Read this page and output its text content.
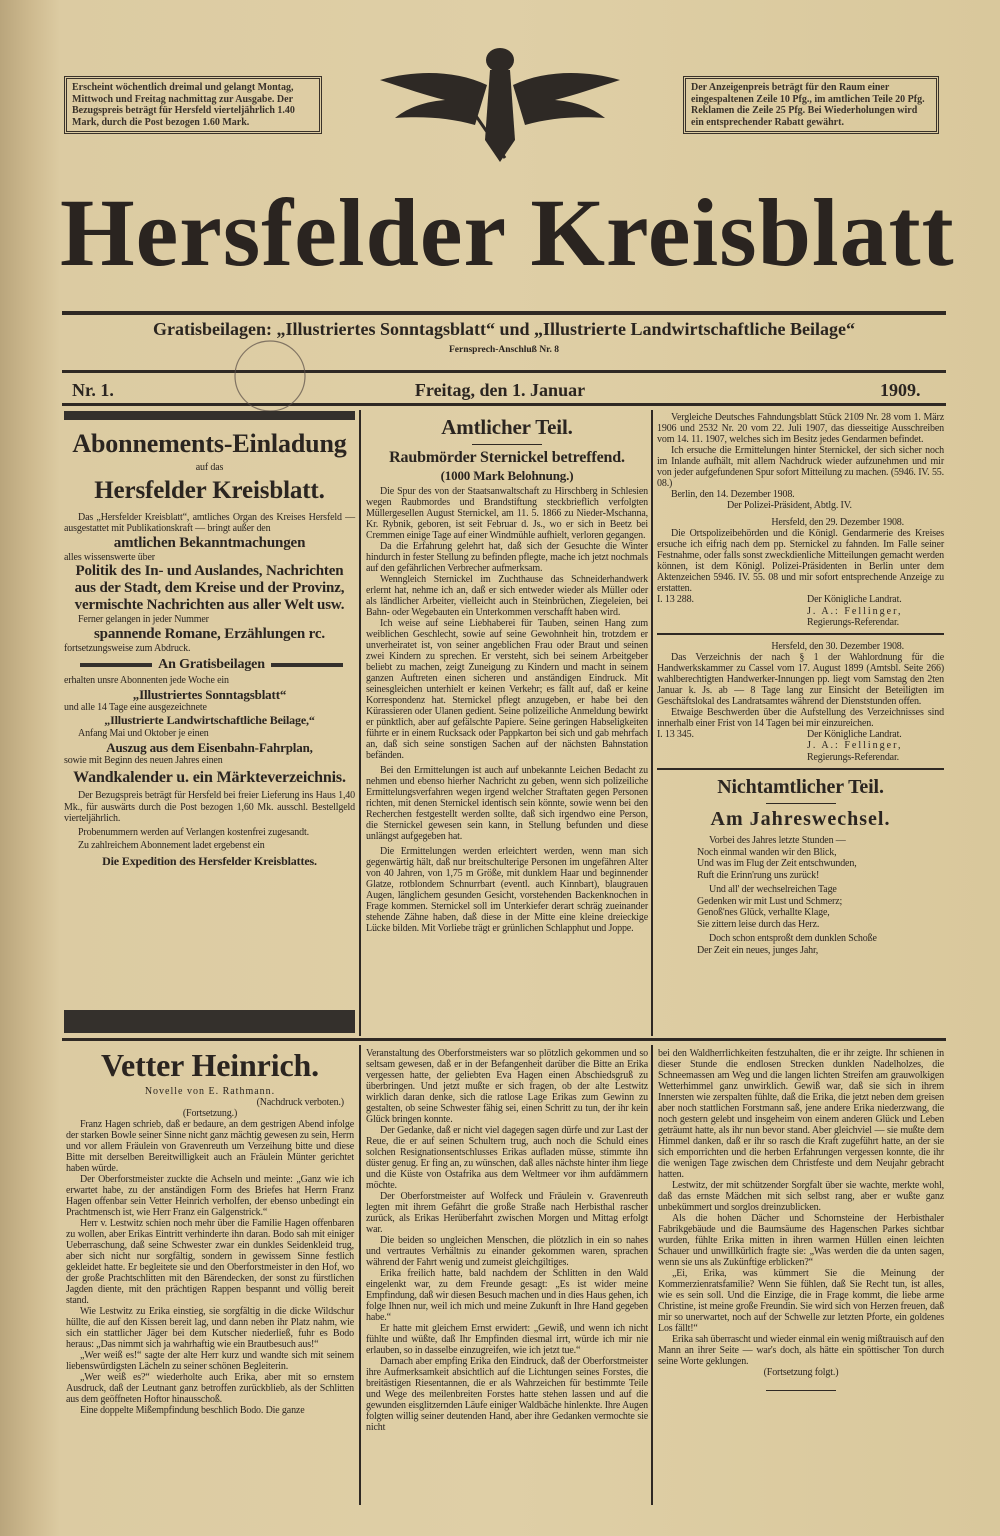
Erscheint wöchentlich dreimal und gelangt Montag, Mittwoch und Freitag nachmittag zur Ausgabe. Der Bezugspreis beträgt für Hersfeld vierteljährlich 1.40 Mark, durch die Post bezogen 1.60 Mark.
Der Anzeigenpreis beträgt für den Raum einer eingespaltenen Zeile 10 Pfg., im amtlichen Teile 20 Pfg. Reklamen die Zeile 25 Pfg. Bei Wiederholungen wird ein entsprechender Rabatt gewährt.
Hersfelder Kreisblatt
Gratisbeilagen: „Illustriertes Sonntagsblatt“ und „Illustrierte Landwirtschaftliche Beilage“
Fernsprech-Anschluß Nr. 8
Nr. 1.	Freitag, den 1. Januar	1909.
Abonnements-Einladung
auf das
Hersfelder Kreisblatt.

Das „Hersfelder Kreisblatt“, amtliches Organ des Kreises Hersfeld — ausgestattet mit Publikationskraft — bringt außer den

amtlichen Bekanntmachungen
alles wissenswerte über
Politik des In- und Auslandes, Nachrichten aus der Stadt, dem Kreise und der Provinz, vermischte Nachrichten aus aller Welt usw.

Ferner gelangen in jeder Nummer

spannende Romane, Erzählungen rc.
fortsetzungsweise zum Abdruck.
An Gratisbeilagen
erhalten unsre Abonnenten jede Woche ein
„Illustriertes Sonntagsblatt“
und alle 14 Tage eine ausgezeichnete
„Illustrierte Landwirtschaftliche Beilage,“

Anfang Mai und Oktober je einen

Auszug aus dem Eisenbahn-Fahrplan,
sowie mit Beginn des neuen Jahres einen
Wandkalender u. ein Märkteverzeichnis.

Der Bezugspreis beträgt für Hersfeld bei freier Lieferung ins Haus 1,40 Mk., für auswärts durch die Post bezogen 1,60 Mk. ausschl. Bestellgeld vierteljährlich.

Probenummern werden auf Verlangen kostenfrei zugesandt.

Zu zahlreichem Abonnement ladet ergebenst ein

Die Expedition des Hersfelder Kreisblattes.
Amtlicher Teil.
Raubmörder Sternickel betreffend.
(1000 Mark Belohnung.)

Die Spur des von der Staatsanwaltschaft zu Hirschberg in Schlesien wegen Raubmordes und Brandstiftung steckbrieflich verfolgten Müllergesellen August Sternickel, am 11. 5. 1866 zu Nieder-Mschanna, Kr. Rybnik, geboren, ist seit Februar d. Js., wo er sich in Beetz bei Cremmen einige Tage auf einer Windmühle aufhielt, verloren gegangen.

Da die Erfahrung gelehrt hat, daß sich der Gesuchte die Winter hindurch in fester Stellung zu befinden pflegte, mache ich jetzt nochmals auf den gefährlichen Verbrecher aufmerksam.

Wenngleich Sternickel im Zuchthause das Schneiderhandwerk erlernt hat, nehme ich an, daß er sich entweder wieder als Müller oder als ländlicher Arbeiter, vielleicht auch in Steinbrüchen, Ziegeleien, bei Bahn- oder Wegebauten ein Unterkommen verschafft haben wird.

Ich weise auf seine Liebhaberei für Tauben, seinen Hang zum weiblichen Geschlecht, sowie auf seine Gewohnheit hin, trotzdem er unverheiratet ist, von seiner angeblichen Frau oder Braut und seinen zwei Kindern zu sprechen. Er versteht, sich bei seinem Arbeitgeber beliebt zu machen, zeigt Zuneigung zu Kindern und macht in seinem ganzen Auftreten einen sicheren und anständigen Eindruck. Mit seinesgleichen unterhielt er keinen Verkehr; es fällt auf, daß er keine Korrespondenz hat. Sternickel pflegt anzugeben, er habe bei den Kürassieren oder Ulanen gedient. Seine polizeiliche Anmeldung bewirkt er pünktlich, aber auf gefälschte Papiere. Seine geringen Habseligkeiten führte er in einem Rucksack oder Pappkarton bei sich und gab mehrfach an, daß sich seine sonstigen Sachen auf der nächsten Bahnstation befänden.

Bei den Ermittelungen ist auch auf unbekannte Leichen Bedacht zu nehmen und ebenso hierher Nachricht zu geben, wenn sich polizeiliche Ermittelungsverfahren wegen irgend welcher Straftaten gegen Personen richten, mit denen Sternickel identisch sein könnte, sowie wenn bei den Recherchen festgestellt werden sollte, daß sich irgendwo eine Person, die Sternickel gewesen sein kann, in Stellung befunden und diese unlängst aufgegeben hat.

Die Ermittelungen werden erleichtert werden, wenn man sich gegenwärtig hält, daß nur breitschulterige Personen im ungefähren Alter von 40 Jahren, von 1,75 m Größe, mit dunklem Haar und beginnender Glatze, rotblondem Schnurrbart (eventl. auch Kinnbart), blaugrauen Augen, länglichem gesunden Gesicht, vorstehenden Backenknochen in Frage kommen. Sternickel soll im Unterkiefer derart schräg zueinander stehende Zähne haben, daß diese in der Mitte eine kleine dreieckige Lücke bilden. Mit Vorliebe trägt er grünlichen Schlapphut und Joppe.

Vergleiche Deutsches Fahndungsblatt Stück 2109 Nr. 28 vom 1. März 1906 und 2532 Nr. 20 vom 22. Juli 1907, das diesseitige Ausschreiben vom 14. 11. 1907, welches sich im Besitz jedes Gendarmen befindet.

Ich ersuche die Ermittelungen hinter Sternickel, der sich sicher noch im Inlande aufhält, mit allem Nachdruck wieder aufzunehmen und mir von jeder aufgefundenen Spur sofort Mitteilung zu machen. (5946. IV. 55. 08.)

Berlin, den 14. Dezember 1908.

Der Polizei-Präsident, Abtlg. IV.
Hersfeld, den 29. Dezember 1908.

Die Ortspolizeibehörden und die Königl. Gendarmerie des Kreises ersuche ich eifrig nach dem pp. Sternickel zu fahnden. Im Falle seiner Festnahme, oder falls sonst zweckdienliche Mitteilungen gemacht werden können, ist dem Königl. Polizei-Präsidenten in Berlin unter dem Aktenzeichen 5946. IV. 55. 08 und mir sofort entsprechende Anzeige zu erstatten.

I. 13 288.	Der Königliche Landrat.
J. A.: Fellinger,
Regierungs-Referendar.
Hersfeld, den 30. Dezember 1908.

Das Verzeichnis der nach § 1 der Wahlordnung für die Handwerkskammer zu Cassel vom 17. August 1899 (Amtsbl. Seite 266) wahlberechtigten Handwerker-Innungen pp. liegt vom Samstag den 2ten Januar k. Js. ab — 8 Tage lang zur Einsicht der Beteiligten im Geschäftslokal des Landratsamtes während der Dienststunden offen.

Etwaige Beschwerden über die Aufstellung des Verzeichnisses sind innerhalb einer Frist von 14 Tagen bei mir einzureichen.

I. 13 345.	Der Königliche Landrat.
J. A.: Fellinger,
Regierungs-Referendar.
Nichtamtlicher Teil.
Am Jahreswechsel.
Vorbei des Jahres letzte Stunden —
Noch einmal wanden wir den Blick,
Und was im Flug der Zeit entschwunden,
Ruft die Erinn'rung uns zurück!
Und all' der wechselreichen Tage
Gedenken wir mit Lust und Schmerz;
Genoß'nes Glück, verhallte Klage,
Sie zittern leise durch das Herz.
Doch schon entsproßt dem dunklen Schoße
Der Zeit ein neues, junges Jahr,
Vetter Heinrich.
Novelle von E. Rathmann.
(Nachdruck verboten.)
(Fortsetzung.)

Franz Hagen schrieb, daß er bedaure, an dem gestrigen Abend infolge der starken Bowle seiner Sinne nicht ganz mächtig gewesen zu sein, Herrn und vor allem Fräulein von Gravenreuth um Verzeihung bitte und diese Bitte mit derselben Bereitwilligkeit auch an Fräulein Münter gerichtet haben würde.

Der Oberforstmeister zuckte die Achseln und meinte: „Ganz wie ich erwartet habe, zu der anständigen Form des Briefes hat Herrn Franz Hagen offenbar sein Vetter Heinrich verholfen, der ebenso unbedingt ein Prachtmensch ist, wie Herr Franz ein Galgenstrick.“

Herr v. Lestwitz schien noch mehr über die Familie Hagen offenbaren zu wollen, aber Erikas Eintritt verhinderte ihn daran. Bodo sah mit einiger Ueberraschung, daß seine Schwester zwar ein dunkles Seidenkleid trug, aber sich nicht nur sorgfältig, sondern in gewissem Sinne festlich gekleidet hatte. Er begleitete sie und den Oberforstmeister in den Hof, wo der große Prachtschlitten mit den Bärendecken, der sonst zu fürstlichen Jagden diente, mit den prächtigen Rappen bespannt und völlig bereit stand.

Wie Lestwitz zu Erika einstieg, sie sorgfältig in die dicke Wildschur hüllte, die auf den Kissen bereit lag, und dann neben ihr Platz nahm, wie sich ein stattlicher Jäger bei dem Kutscher niederließ, fuhr es Bodo heraus: „Das nimmt sich ja wahrhaftig wie ein Brautbesuch aus!“

„Wer weiß es!“ sagte der alte Herr kurz und wandte sich mit seinem liebenswürdigsten Lächeln zu seiner schönen Begleiterin.

„Wer weiß es?“ wiederholte auch Erika, aber mit so ernstem Ausdruck, daß der Leutnant ganz betroffen zurückblieb, als der Schlitten aus dem geöffneten Hoftor hinausschoß.

Eine doppelte Mißempfindung beschlich Bodo. Die ganze

Veranstaltung des Oberforstmeisters war so plötzlich gekommen und so seltsam gewesen, daß er in der Befangenheit darüber die Bitte an Erika vergessen hatte, der geliebten Eva Hagen einen Abschiedsgruß zu überbringen. Und jetzt mußte er sich fragen, ob der alte Lestwitz wirklich daran denke, sich die ratlose Lage Erikas zum Gewinn zu gestalten, ob seine Schwester fähig sei, einen Schritt zu tun, der ihr kein Glück bringen konnte.

Der Gedanke, daß er nicht viel dagegen sagen dürfe und zur Last der Reue, die er auf seinen Schultern trug, auch noch die Schuld eines solchen Resignationsentschlusses Erikas aufladen müsse, stimmte ihn düster genug. Er fing an, zu wünschen, daß alles nächste hinter ihm liege und die Küste von Ostafrika aus dem Weltmeer vor ihm aufdämmern möchte.

Der Oberforstmeister auf Wolfeck und Fräulein v. Gravenreuth legten mit ihrem Gefährt die große Straße nach Herbisthal rascher zurück, als Erikas Herüberfahrt zwischen Morgen und Mittag erfolgt war.

Die beiden so ungleichen Menschen, die plötzlich in ein so nahes und vertrautes Verhältnis zu einander gekommen waren, sprachen während der Fahrt wenig und zumeist gleichgiltiges.

Erika freilich hatte, bald nachdem der Schlitten in den Wald eingelenkt war, zu dem Freunde gesagt: „Es ist wider meine Empfindung, daß wir diesen Besuch machen und in dies Haus gehen, ich folge Ihnen nur, weil ich mich und meine Zukunft in Ihre Hand gegeben habe.“

Er hatte mit gleichem Ernst erwidert: „Gewiß, und wenn ich nicht fühlte und wüßte, daß Ihr Empfinden diesmal irrt, würde ich mir nie erlauben, so in dasselbe einzugreifen, wie ich jetzt tue.“

Darnach aber empfing Erika den Eindruck, daß der Oberforstmeister ihre Aufmerksamkeit absichtlich auf die Lichtungen seines Forstes, die breitästigen Riesentannen, die er als Wahrzeichen für bestimmte Teile und Wege des meilenbreiten Forstes hatte stehen lassen und auf die gewunden eisglitzernden Läufe einiger Waldbäche hinlenkte. Ihre Augen folgten willig seiner deutenden Hand, aber ihre Gedanken vermochte sie nicht

bei den Waldherrlichkeiten festzuhalten, die er ihr zeigte. Ihr schienen in dieser Stunde die endlosen Strecken dunklen Nadelholzes, die Schneemassen am Weg und die langen lichten Streifen am grauwolkigen Wetterhimmel ganz unwirklich. Gewiß war, daß sie sich in ihrem Innersten wie zerspalten fühlte, daß die Erika, die jetzt neben dem greisen aber noch stattlichen Forstmann saß, jene andere Erika niederzwang, die noch gestern gelebt und insgeheim von einem anderen Glück und Leben geträumt hatte, als ihr nun bevor stand. Aber gleichviel — sie mußte dem Himmel danken, daß er ihr so rasch die Kraft zugeführt hatte, an der sie sich emporrichten und die herben Erfahrungen vergessen konnte, die ihr die wenigen Tage zwischen dem Christfeste und dem Neujahr gebracht hatten.

Lestwitz, der mit schützender Sorgfalt über sie wachte, merkte wohl, daß das ernste Mädchen mit sich selbst rang, aber er wußte ganz unbekümmert und sorglos dreinzublicken.

Als die hohen Dächer und Schornsteine der Herbisthaler Fabrikgebäude und die Baumsäume des Hagenschen Parkes sichtbar wurden, fühlte Erika mitten in ihren warmen Hüllen einen leichten Schauer und unwillkürlich fragte sie: „Was werden die da unten sagen, wenn sie uns als Zukünftige erblicken?“

„Ei, Erika, was kümmert Sie die Meinung der Kommerzienratsfamilie? Wenn Sie fühlen, daß Sie Recht tun, ist alles, wie es sein soll. Und die Einzige, die in Frage kommt, die liebe arme Christine, ist meine große Freundin. Sie wird sich von Herzen freuen, daß mir so unerwartet, noch auf der Schwelle zur letzten Pforte, ein goldenes Los fällt!“

Erika sah überrascht und wieder einmal ein wenig mißtrauisch auf den Mann an ihrer Seite — war's doch, als hätte ein spöttischer Ton durch seine Worte geklungen.

(Fortsetzung folgt.)
